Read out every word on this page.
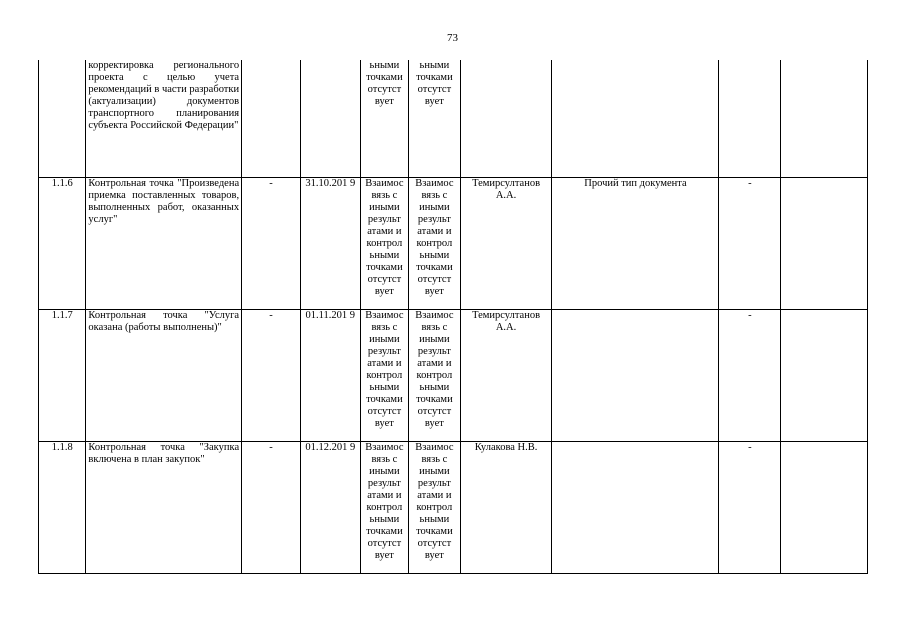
73
	корректировка регионального проекта с целью учета рекомендаций в части разработки (актуализации) документов транспортного планирования субъекта Российской Федерации"			ьными точками отсутст вует	ьными точками отсутст вует				
1.1.6	Контрольная точка "Произведена приемка поставленных товаров, выполненных работ, оказанных услуг"	-	31.10.201 9	Взаимос вязь с иными результ атами и контрол ьными точками отсутст вует	Взаимос вязь с иными результ атами и контрол ьными точками отсутст вует	Темирсултанов А.А.	Прочий тип документа	-	
1.1.7	Контрольная точка "Услуга оказана (работы выполнены)"	-	01.11.201 9	Взаимос вязь с иными результ атами и контрол ьными точками отсутст вует	Взаимос вязь с иными результ атами и контрол ьными точками отсутст вует	Темирсултанов А.А.		-	
1.1.8	Контрольная точка "Закупка включена в план закупок"	-	01.12.201 9	Взаимос вязь с иными результ атами и контрол ьными точками отсутст вует	Взаимос вязь с иными результ атами и контрол ьными точками отсутст вует	Кулакова Н.В.		-	
